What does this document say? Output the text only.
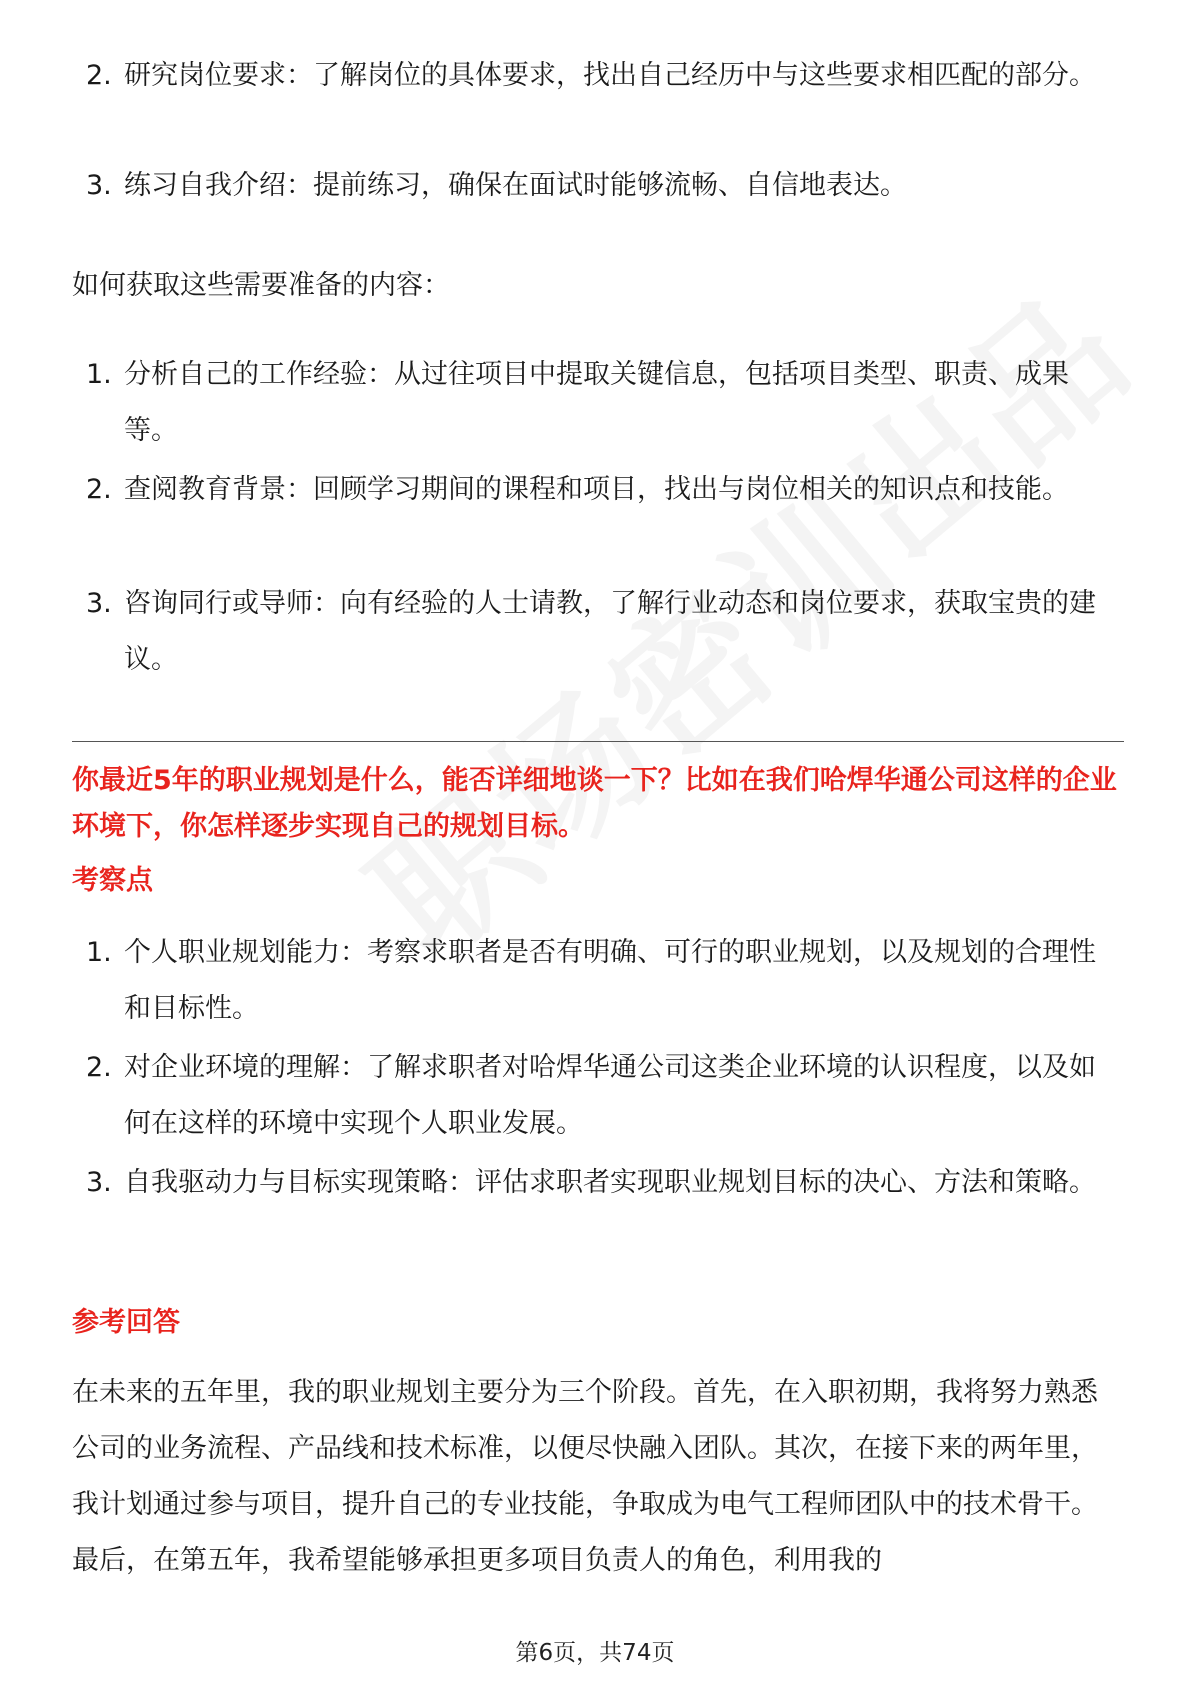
2. 研究岗位要求：了解岗位的具体要求，找出自己经历中与这些要求相匹配的部分。
3. 练习自我介绍：提前练习，确保在面试时能够流畅、自信地表达。
如何获取这些需要准备的内容：
1. 分析自己的工作经验：从过往项目中提取关键信息，包括项目类型、职责、成果等。
2. 查阅教育背景：回顾学习期间的课程和项目，找出与岗位相关的知识点和技能。
3. 咨询同行或导师：向有经验的人士请教，了解行业动态和岗位要求，获取宝贵的建议。
你最近5年的职业规划是什么，能否详细地谈一下？比如在我们哈焊华通公司这样的企业环境下，你怎样逐步实现自己的规划目标。
考察点
1. 个人职业规划能力：考察求职者是否有明确、可行的职业规划，以及规划的合理性和目标性。
2. 对企业环境的理解：了解求职者对哈焊华通公司这类企业环境的认识程度，以及如何在这样的环境中实现个人职业发展。
3. 自我驱动力与目标实现策略：评估求职者实现职业规划目标的决心、方法和策略。
参考回答
在未来的五年里，我的职业规划主要分为三个阶段。首先，在入职初期，我将努力熟悉公司的业务流程、产品线和技术标准，以便尽快融入团队。其次，在接下来的两年里，我计划通过参与项目，提升自己的专业技能，争取成为电气工程师团队中的技术骨干。最后，在第五年，我希望能够承担更多项目负责人的角色，利用我的
第6页，共74页
